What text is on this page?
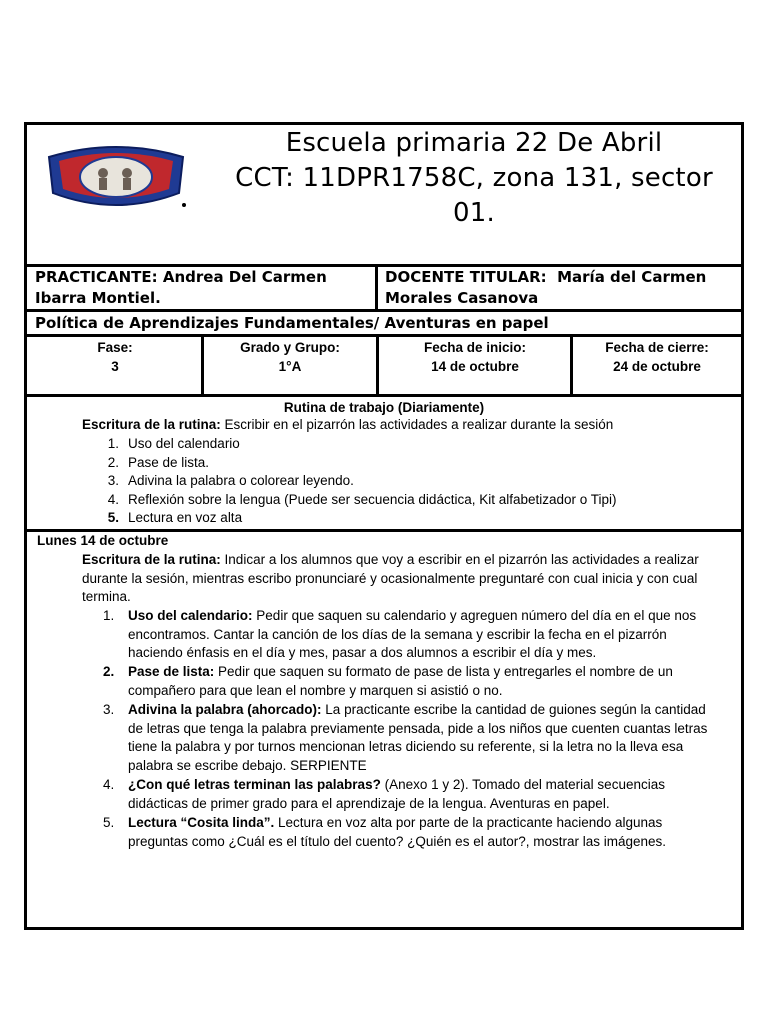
Escuela primaria 22 De Abril
CCT: 11DPR1758C, zona 131, sector
01.
PRACTICANTE: Andrea Del Carmen
Ibarra Montiel.
DOCENTE TITULAR:  María del Carmen
Morales Casanova
Política de Aprendizajes Fundamentales/ Aventuras en papel
Fase:
3
Grado y Grupo:
1°A
Fecha de inicio:
14 de octubre
Fecha de cierre:
24 de octubre
Rutina de trabajo (Diariamente)
Escritura de la rutina: Escribir en el pizarrón las actividades a realizar durante la sesión
1. Uso del calendario
2. Pase de lista.
3. Adivina la palabra o colorear leyendo.
4. Reflexión sobre la lengua (Puede ser secuencia didáctica, Kit alfabetizador o Tipi)
5. Lectura en voz alta
Lunes 14 de octubre
Escritura de la rutina: Indicar a los alumnos que voy a escribir en el pizarrón las actividades a realizar
durante la sesión, mientras escribo pronunciaré y ocasionalmente preguntaré con cual inicia y con cual
termina.
1. Uso del calendario: Pedir que saquen su calendario y agreguen número del día en el que nos
encontramos. Cantar la canción de los días de la semana y escribir la fecha en el pizarrón
haciendo énfasis en el día y mes, pasar a dos alumnos a escribir el día y mes.
2. Pase de lista: Pedir que saquen su formato de pase de lista y entregarles el nombre de un
compañero para que lean el nombre y marquen si asistió o no.
3. Adivina la palabra (ahorcado): La practicante escribe la cantidad de guiones según la cantidad
de letras que tenga la palabra previamente pensada, pide a los niños que cuenten cuantas letras
tiene la palabra y por turnos mencionan letras diciendo su referente, si la letra no la lleva esa
palabra se escribe debajo. SERPIENTE
4. ¿Con qué letras terminan las palabras? (Anexo 1 y 2). Tomado del material secuencias
didácticas de primer grado para el aprendizaje de la lengua. Aventuras en papel.
5. Lectura “Cosita linda”. Lectura en voz alta por parte de la practicante haciendo algunas
preguntas como ¿Cuál es el título del cuento? ¿Quién es el autor?, mostrar las imágenes.
